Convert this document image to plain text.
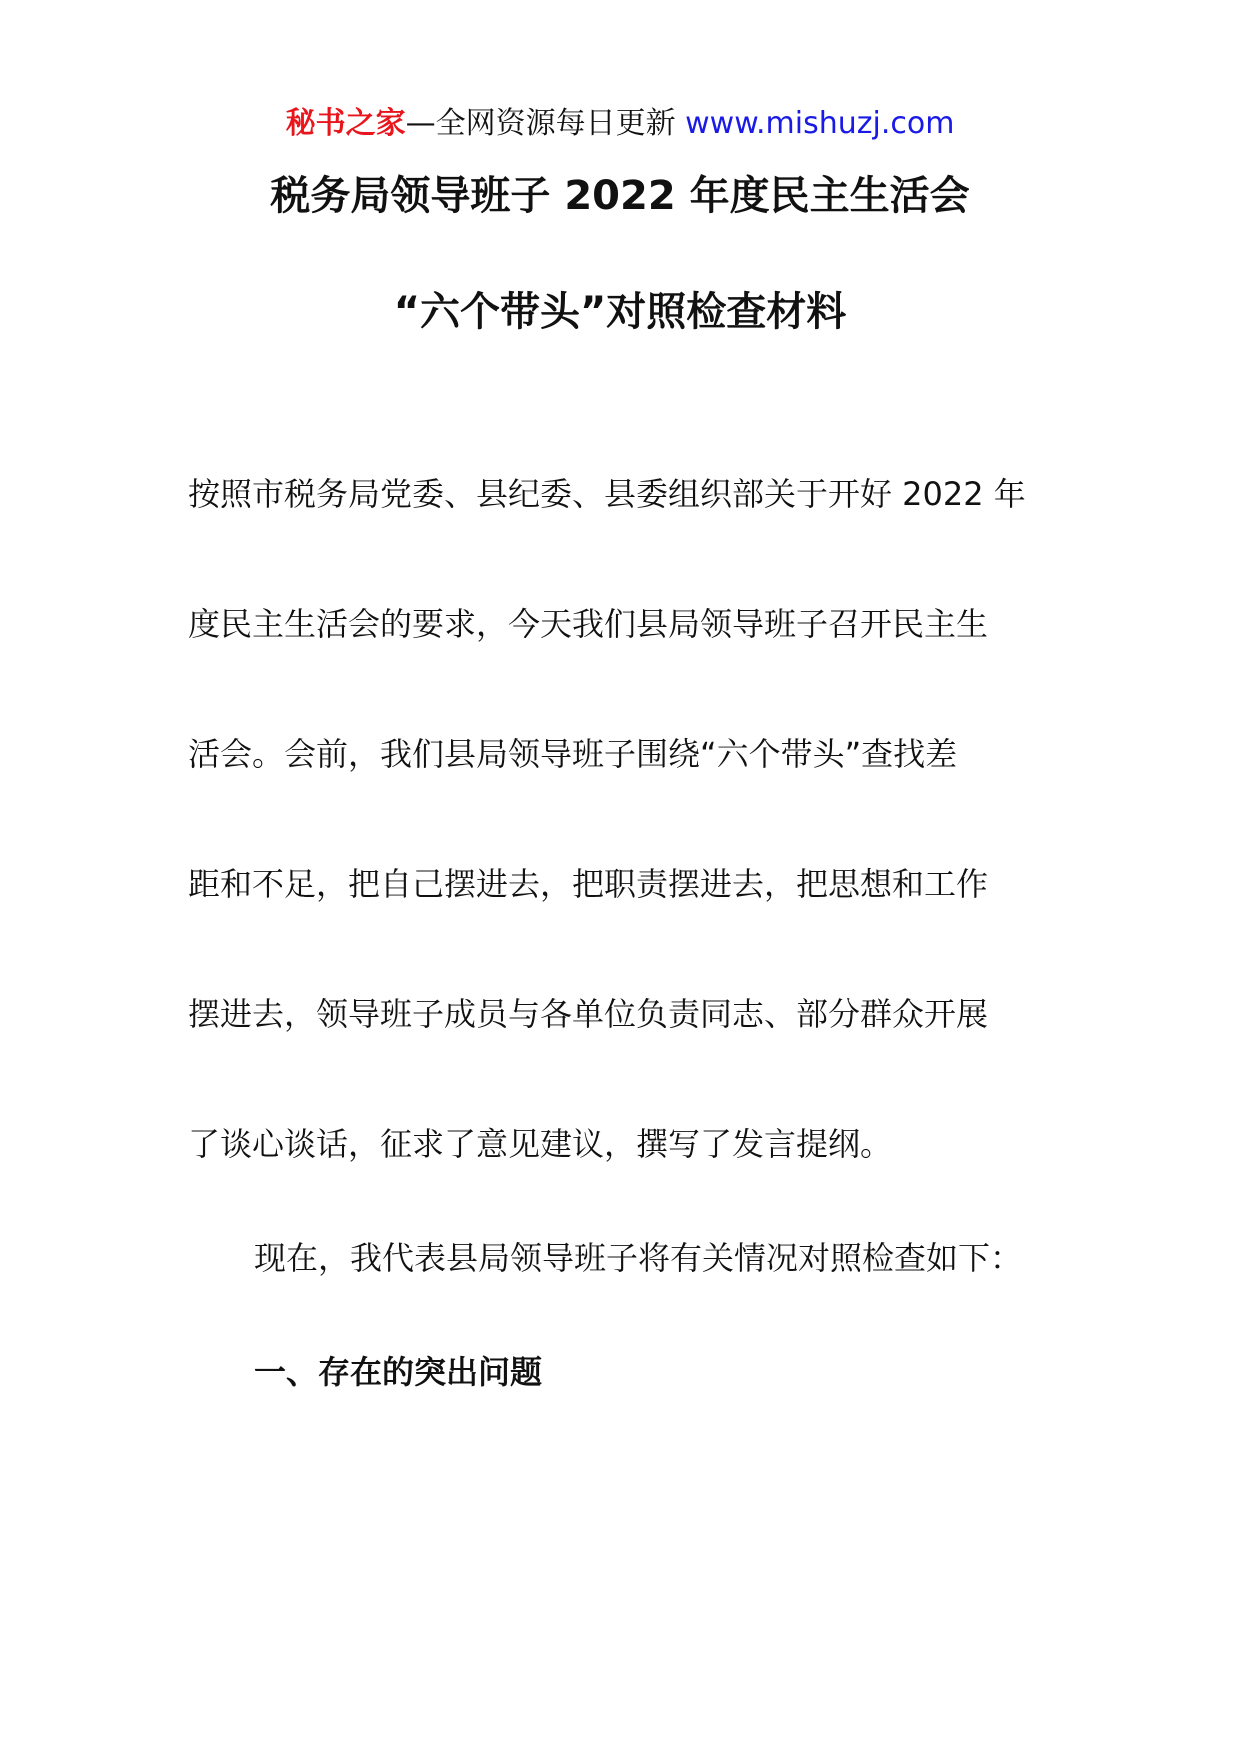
秘书之家—全网资源每日更新 www.mishuzj.com
税务局领导班子 2022 年度民主生活会
“六个带头”对照检查材料
按照市税务局党委、县纪委、县委组织部关于开好 2022 年
度民主生活会的要求，今天我们县局领导班子召开民主生
活会。会前，我们县局领导班子围绕“六个带头”查找差
距和不足，把自己摆进去，把职责摆进去，把思想和工作
摆进去，领导班子成员与各单位负责同志、部分群众开展
了谈心谈话，征求了意见建议，撰写了发言提纲。
现在，我代表县局领导班子将有关情况对照检查如下：
一、存在的突出问题
